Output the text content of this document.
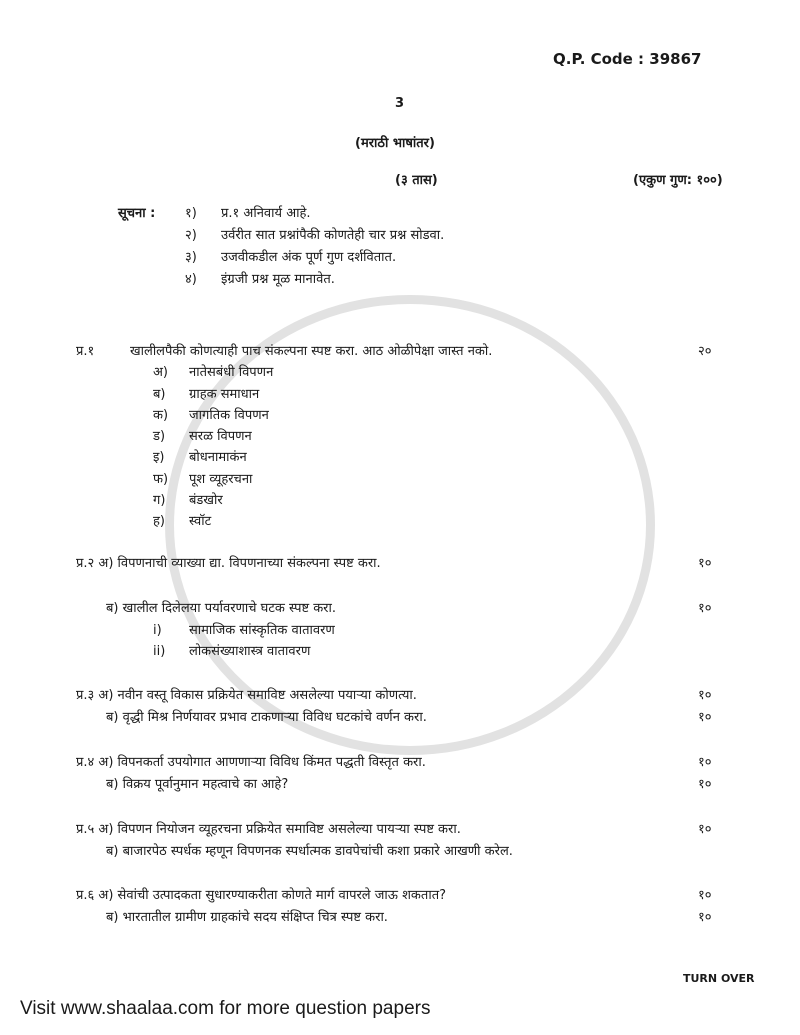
Q.P. Code : 39867
3
(मराठी भाषांतर)
(३ तास)	(एकुण गुण: १००)
सूचना : १) प्र.१ अनिवार्य आहे.
२) उर्वरीत सात प्रश्नांपैकी कोणतेही चार प्रश्न सोडवा.
३) उजवीकडील अंक पूर्ण गुण दर्शवितात.
४) इंग्रजी प्रश्न मूळ मानावेत.
प्र.१	खालीलपैकी कोणत्याही पाच संकल्पना स्पष्ट करा. आठ ओळीपेक्षा जास्त नको.	२०
अ) नातेसबंधी विपणन
ब) ग्राहक समाधान
क) जागतिक विपणन
ड) सरळ विपणन
इ) बोधनामाकंन
फ) पूश व्यूहरचना
ग) बंडखोर
ह) स्वॉट
प्र.२ अ) विपणनाची व्याख्या द्या. विपणनाच्या संकल्पना स्पष्ट करा.	१०
ब) खालील दिलेलया पर्यावरणाचे घटक स्पष्ट करा.	१०
i) सामाजिक सांस्कृतिक वातावरण
ii) लोकसंख्याशास्त्र वातावरण
प्र.३ अ) नवीन वस्तू विकास प्रक्रियेत समाविष्ट असलेल्या पयाऱ्या कोणत्या.	१०
ब) वृद्धी मिश्र निर्णयावर प्रभाव टाकणाऱ्या विविध घटकांचे वर्णन करा.	१०
प्र.४ अ) विपनकर्ता उपयोगात आणणाऱ्या विविध किंमत पद्धती विस्तृत करा.	१०
ब) विक्रय पूर्वानुमान महत्वाचे का आहे?	१०
प्र.५ अ) विपणन नियोजन व्यूहरचना प्रक्रियेत समाविष्ट असलेल्या पायऱ्या स्पष्ट करा.	१०
ब) बाजारपेठ स्पर्धक म्हणून विपणनक स्पर्धात्मक डावपेचांची कशा प्रकारे आखणी करेल.
प्र.६ अ) सेवांची उत्पादकता सुधारण्याकरीता कोणते मार्ग वापरले जाऊ शकतात?	१०
ब) भारतातील ग्रामीण ग्राहकांचे सदय संक्षिप्त चित्र स्पष्ट करा.	१०
TURN OVER
Visit www.shaalaa.com for more question papers
